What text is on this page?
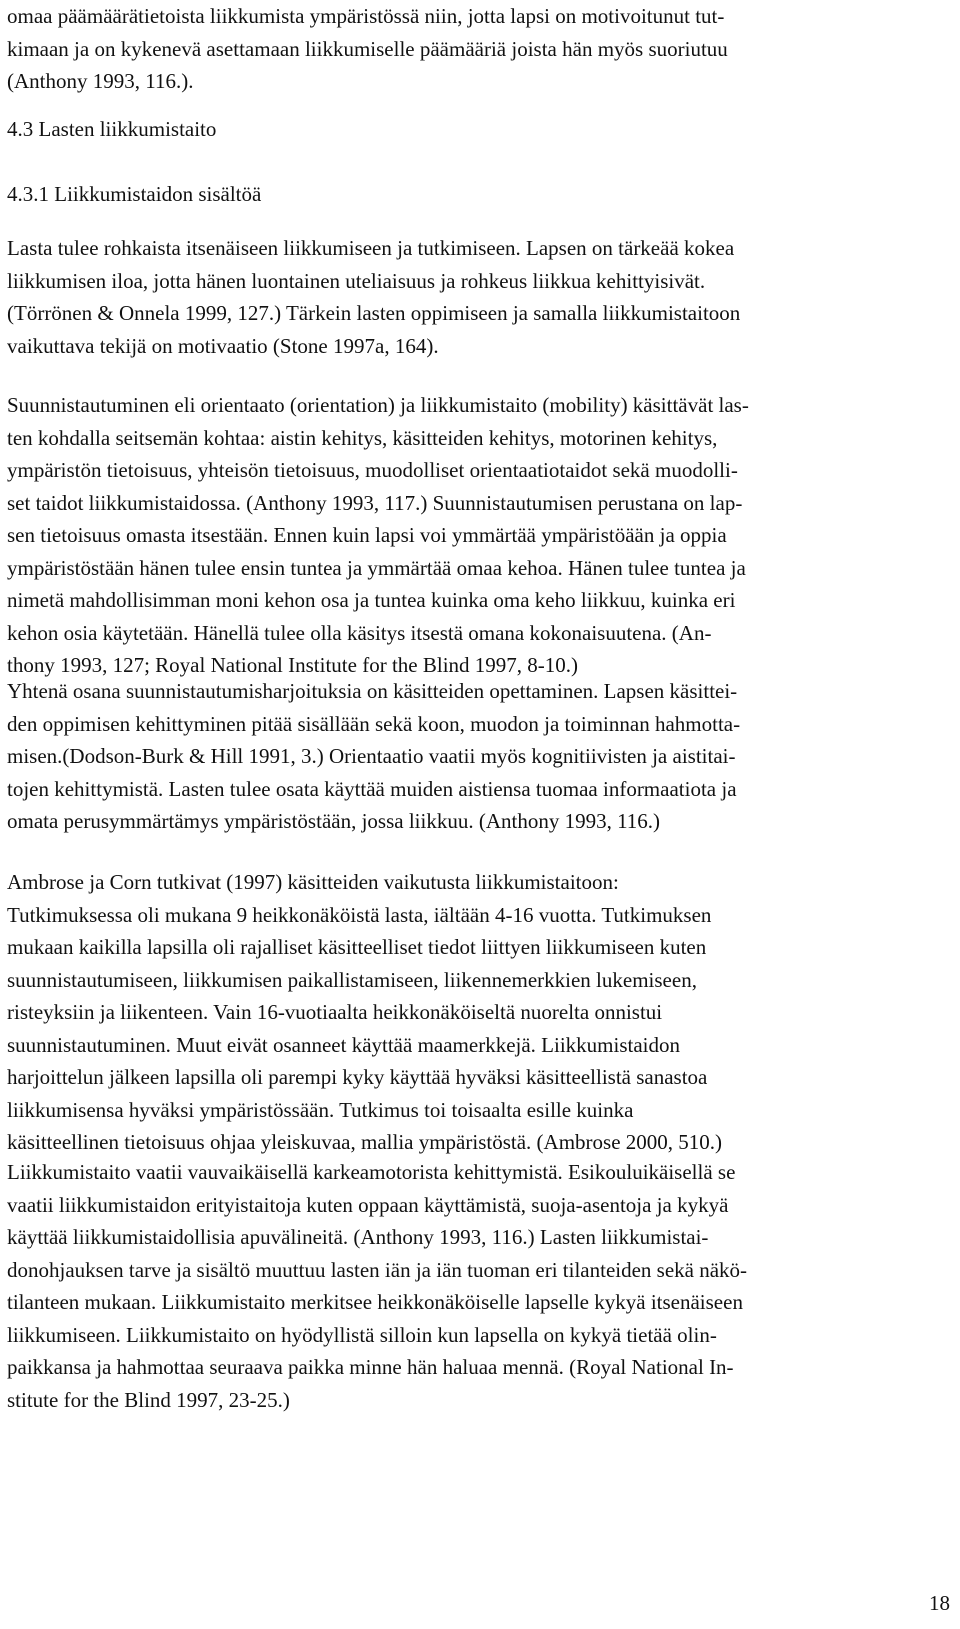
omaa päämäärätietoista liikkumista ympäristössä niin, jotta lapsi on motivoitunut tut-
kimaan ja on kykenevä asettamaan liikkumiselle päämääriä joista hän myös suoriutuu
(Anthony 1993, 116.).

4.3 Lasten liikkumistaito
4.3.1 Liikkumistaidon sisältöä

Lasta tulee rohkaista itsenäiseen liikkumiseen ja tutkimiseen. Lapsen on tärkeää kokea
liikkumisen iloa, jotta hänen luontainen uteliaisuus ja rohkeus liikkua kehittyisivät.
(Törrönen & Onnela 1999, 127.) Tärkein lasten oppimiseen ja samalla liikkumistaitoon
vaikuttava tekijä on motivaatio (Stone 1997a, 164).

Suunnistautuminen eli orientaato (orientation) ja liikkumistaito (mobility) käsittävät las-
ten kohdalla seitsemän kohtaa: aistin kehitys, käsitteiden kehitys, motorinen kehitys,
ympäristön tietoisuus, yhteisön tietoisuus, muodolliset orientaatiotaidot sekä muodolli-
set taidot liikkumistaidossa. (Anthony 1993, 117.) Suunnistautumisen perustana on lap-
sen tietoisuus omasta itsestään. Ennen kuin lapsi voi ymmärtää ympäristöään ja oppia
ympäristöstään hänen tulee ensin tuntea ja ymmärtää omaa kehoa. Hänen tulee tuntea ja
nimetä mahdollisimman moni kehon osa ja tuntea kuinka oma keho liikkuu, kuinka eri
kehon osia käytetään. Hänellä tulee olla käsitys itsestä omana kokonaisuutena. (An-
thony 1993, 127; Royal National Institute for the Blind 1997, 8-10.)

Yhtenä osana suunnistautumisharjoituksia on käsitteiden opettaminen. Lapsen käsittei-
den oppimisen kehittyminen pitää sisällään sekä koon, muodon ja toiminnan hahmotta-
misen.(Dodson-Burk & Hill 1991, 3.) Orientaatio vaatii myös kognitiivisten ja aistitai-
tojen kehittymistä. Lasten tulee osata käyttää muiden aistiensa tuomaa informaatiota ja
omata perusymmärtämys ympäristöstään, jossa liikkuu. (Anthony 1993, 116.)

Ambrose ja Corn tutkivat (1997) käsitteiden vaikutusta liikkumistaitoon:
Tutkimuksessa oli mukana 9 heikkonäköistä lasta, iältään 4-16 vuotta. Tutkimuksen
mukaan kaikilla lapsilla oli rajalliset käsitteelliset tiedot liittyen liikkumiseen kuten
suunnistautumiseen, liikkumisen paikallistamiseen, liikennemerkkien lukemiseen,
risteyksiin ja liikenteen. Vain 16-vuotiaalta heikkonäköiseltä nuorelta onnistui
suunnistautuminen. Muut eivät osanneet käyttää maamerkkejä. Liikkumistaidon
harjoittelun jälkeen lapsilla oli parempi kyky käyttää hyväksi käsitteellistä sanastoa
liikkumisensa hyväksi ympäristössään. Tutkimus toi toisaalta esille kuinka
käsitteellinen tietoisuus ohjaa yleiskuvaa, mallia ympäristöstä. (Ambrose 2000, 510.)

Liikkumistaito vaatii vauvaikäisellä karkeamotorista kehittymistä. Esikouluikäisellä se
vaatii liikkumistaidon erityistaitoja kuten oppaan käyttämistä, suoja-asentoja ja kykyä
käyttää liikkumistaidollisia apuvälineitä. (Anthony 1993, 116.) Lasten liikkumistai-
donohjauksen tarve ja sisältö muuttuu lasten iän ja iän tuoman eri tilanteiden sekä näkö-
tilanteen mukaan. Liikkumistaito merkitsee heikkonäköiselle lapselle kykyä itsenäiseen
liikkumiseen. Liikkumistaito on hyödyllistä silloin kun lapsella on kykyä tietää olin-
paikkansa ja hahmottaa seuraava paikka minne hän haluaa mennä. (Royal National In-
stitute for the Blind 1997, 23-25.)

18
